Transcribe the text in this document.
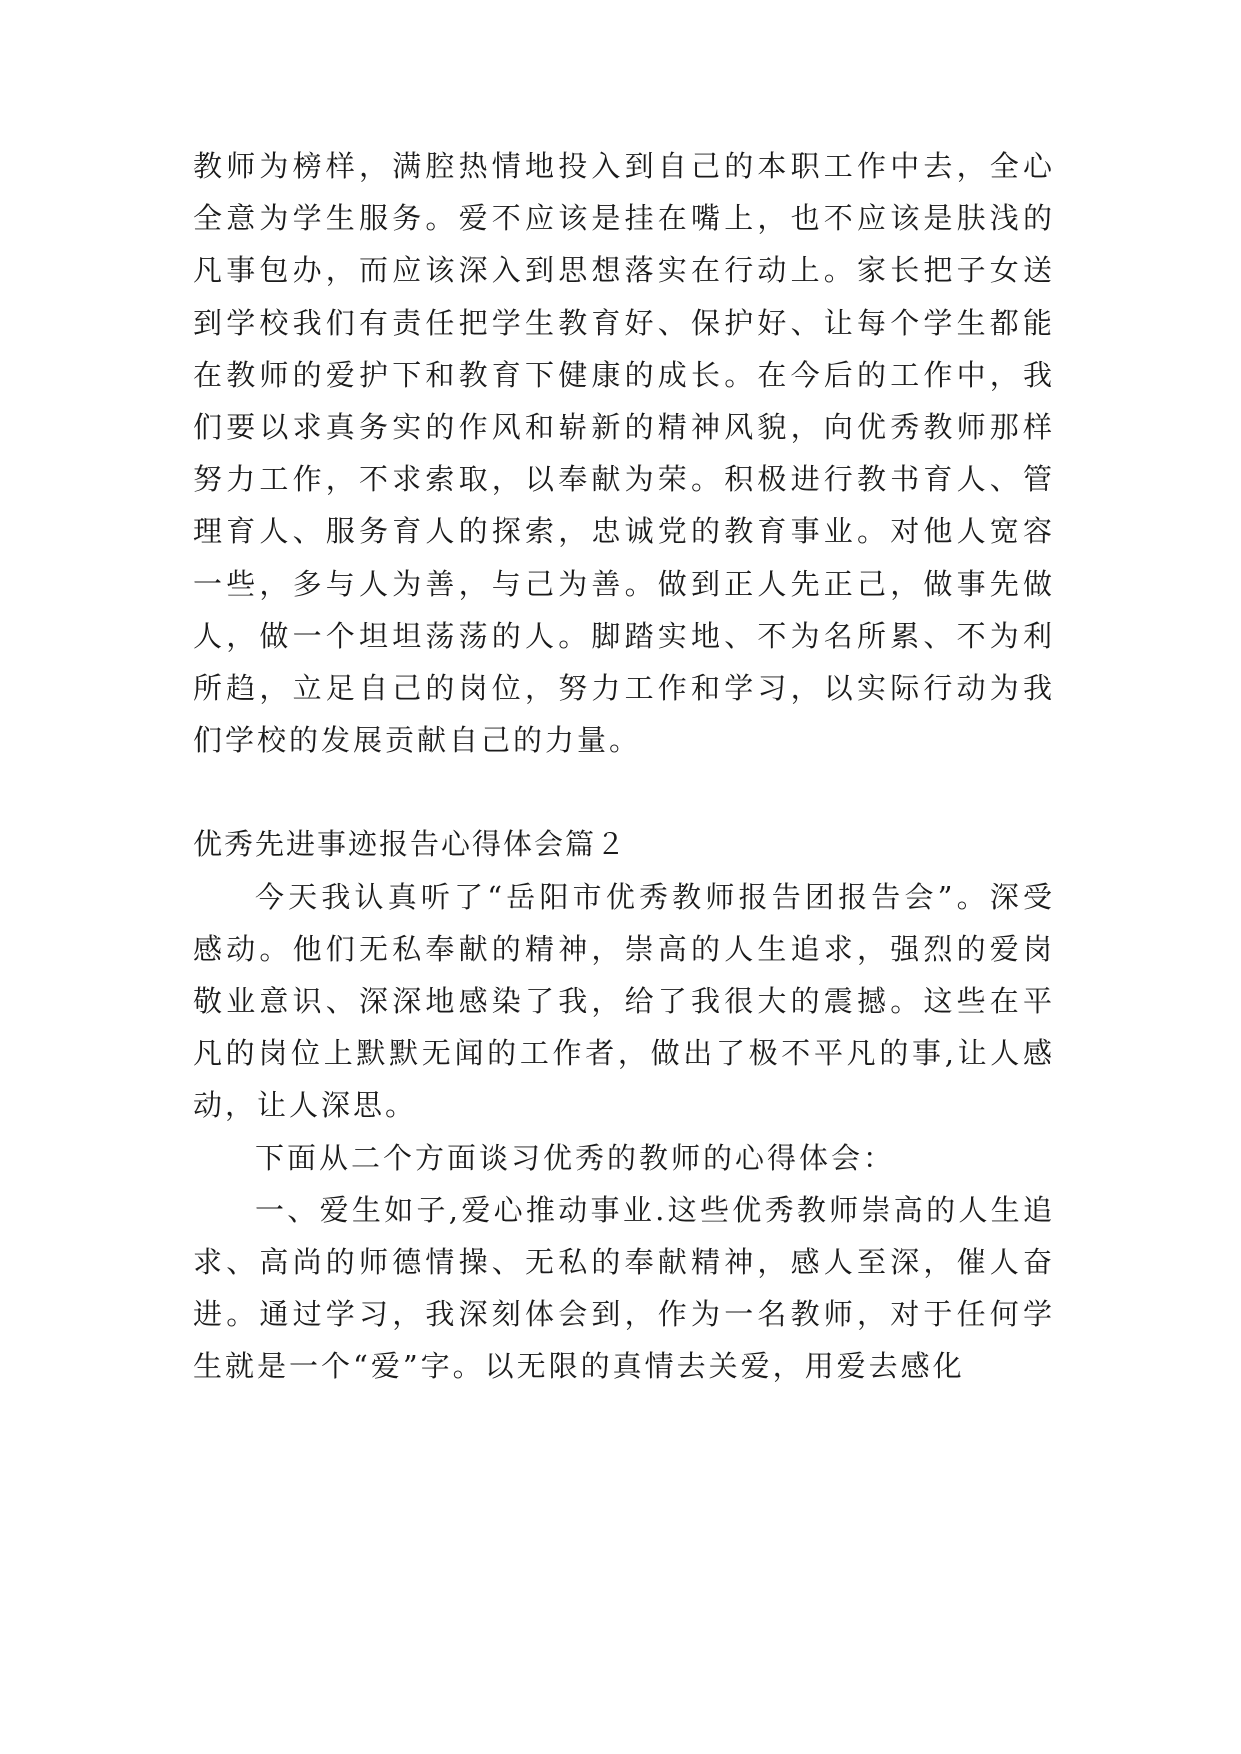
教师为榜样，满腔热情地投入到自己的本职工作中去，全心全意为学生服务。爱不应该是挂在嘴上，也不应该是肤浅的凡事包办，而应该深入到思想落实在行动上。家长把子女送到学校我们有责任把学生教育好、保护好、让每个学生都能在教师的爱护下和教育下健康的成长。在今后的工作中，我们要以求真务实的作风和崭新的精神风貌，向优秀教师那样努力工作，不求索取，以奉献为荣。积极进行教书育人、管理育人、服务育人的探索，忠诚党的教育事业。对他人宽容一些，多与人为善，与己为善。做到正人先正己，做事先做人，做一个坦坦荡荡的人。脚踏实地、不为名所累、不为利所趋，立足自己的岗位，努力工作和学习，以实际行动为我们学校的发展贡献自己的力量。

优秀先进事迹报告心得体会篇２

今天我认真听了“岳阳市优秀教师报告团报告会”。深受感动。他们无私奉献的精神，崇高的人生追求，强烈的爱岗敬业意识、深深地感染了我，给了我很大的震撼。这些在平凡的岗位上默默无闻的工作者，做出了极不平凡的事,让人感动，让人深思。

下面从二个方面谈习优秀的教师的心得体会：

一、爱生如子,爱心推动事业.这些优秀教师崇高的人生追求、高尚的师德情操、无私的奉献精神，感人至深，催人奋进。通过学习，我深刻体会到，作为一名教师，对于任何学生就是一个“爱”字。以无限的真情去关爱，用爱去感化
